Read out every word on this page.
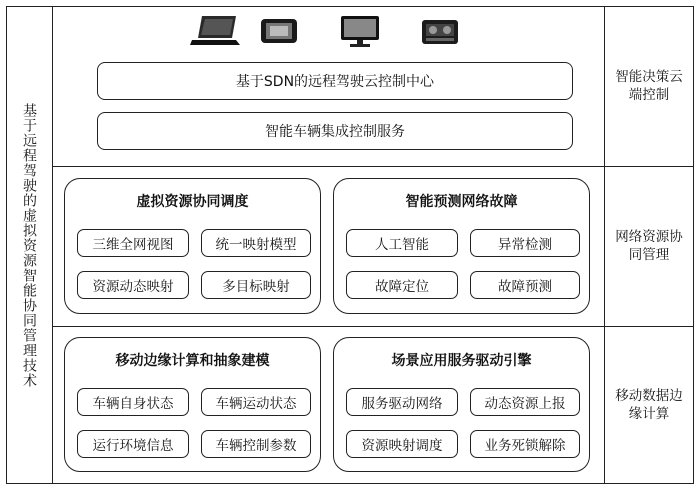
基于远程驾驶的虚拟资源智能协同管理技术
智能决策云端控制
网络资源协同管理
移动数据边缘计算
基于SDN的远程驾驶云控制中心
智能车辆集成控制服务
虚拟资源协同调度
三维全网视图	统一映射模型
资源动态映射	多目标映射
智能预测网络故障
人工智能	异常检测
故障定位	故障预测
移动边缘计算和抽象建模
车辆自身状态	车辆运动状态
运行环境信息	车辆控制参数
场景应用服务驱动引擎
服务驱动网络	动态资源上报
资源映射调度	业务死锁解除
